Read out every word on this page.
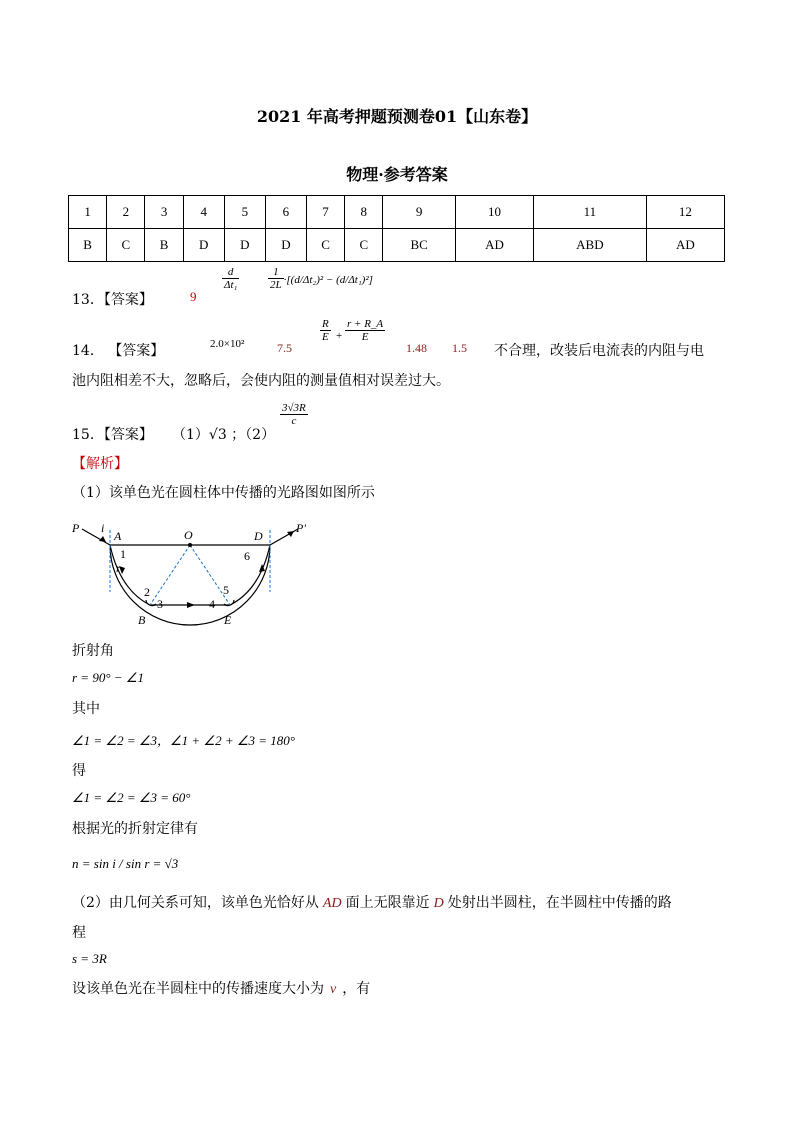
2021 年高考押题预测卷01【山东卷】
物理·参考答案
1	2	3	4	5	6	7	8	9	10	11	12
B	C	B	D	D	D	C	C	BC	AD	ABD	AD
13．【答案】	9
$\frac{d}{\text{Δt₁}}$	$\frac{1}{2L} \cdot[(d/\Delta t_2)^2 - (d/\Delta t_1)^2]$
14． 【答案】	2.0×10²	7.5
$\frac{R}{E} + \frac{r + R\_A}{E}$
1.48 1.5 不合理，改装后电流表的内阻与电
池内阻相差不大，忽略后，会使内阻的测量值相对误差过大。
15．【答案】 （1）√3 ；（2）
$\frac{3√3R}{c}$
【解析】
（1）该单色光在圆柱体中传播的光路图如图所示
P i
A	O	D
P'
1
r
2
3	4
5
6
B	E
折射角
r = 90° − ∠1
其中
∠1 = ∠2 = ∠3，∠1 + ∠2 + ∠3 = 180°
得
∠1 = ∠2 = ∠3 = 60°
根据光的折射定律有
n = sin i / sin r = √3
（2）由几何关系可知，该单色光恰好从 AD 面上无限靠近 D 处射出半圆柱，在半圆柱中传播的路
程
s = 3R
设该单色光在半圆柱中的传播速度大小为 v ，有
